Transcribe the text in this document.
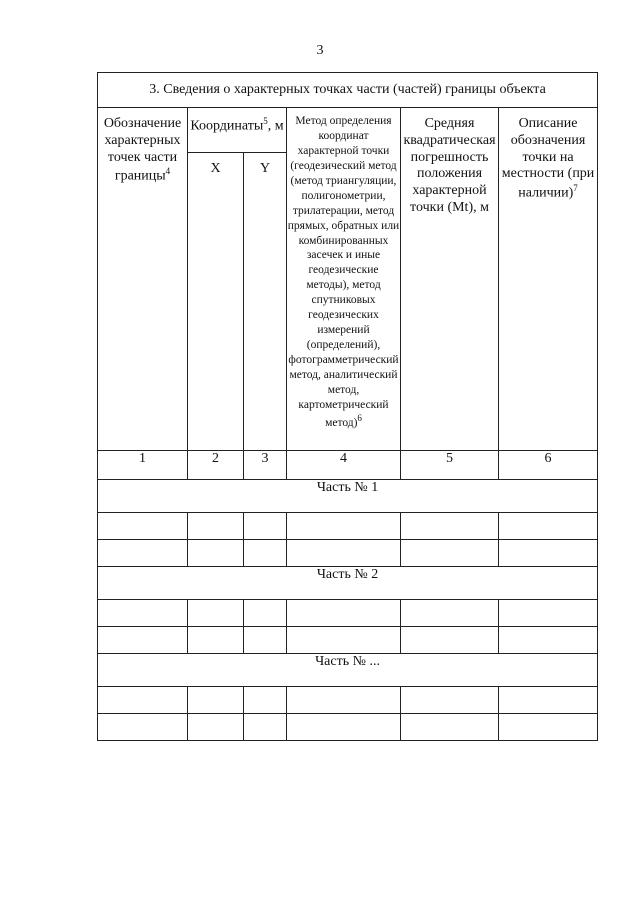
3
3. Сведения о характерных точках части (частей) границы объекта					
Обозначение характерных точек части границы$^4$	Координаты$^5$, м		Метод определения координат характерной точки (геодезический метод (метод триангуляции, полигонометрии, трилатерации, метод прямых, обратных или комбинированных засечек и иные геодезические методы), метод спутниковых геодезических измерений (определений), фотограмметрический метод, аналитический метод, картометрический метод)$^6$	Средняя квадратическая погрешность положения характерной точки (Mt), м	Описание обозначения точки на местности (при наличии)$^7$
	X	Y			
1	2	3	4	5	6
Часть № 1					

Часть № 2					

Часть № ...					
